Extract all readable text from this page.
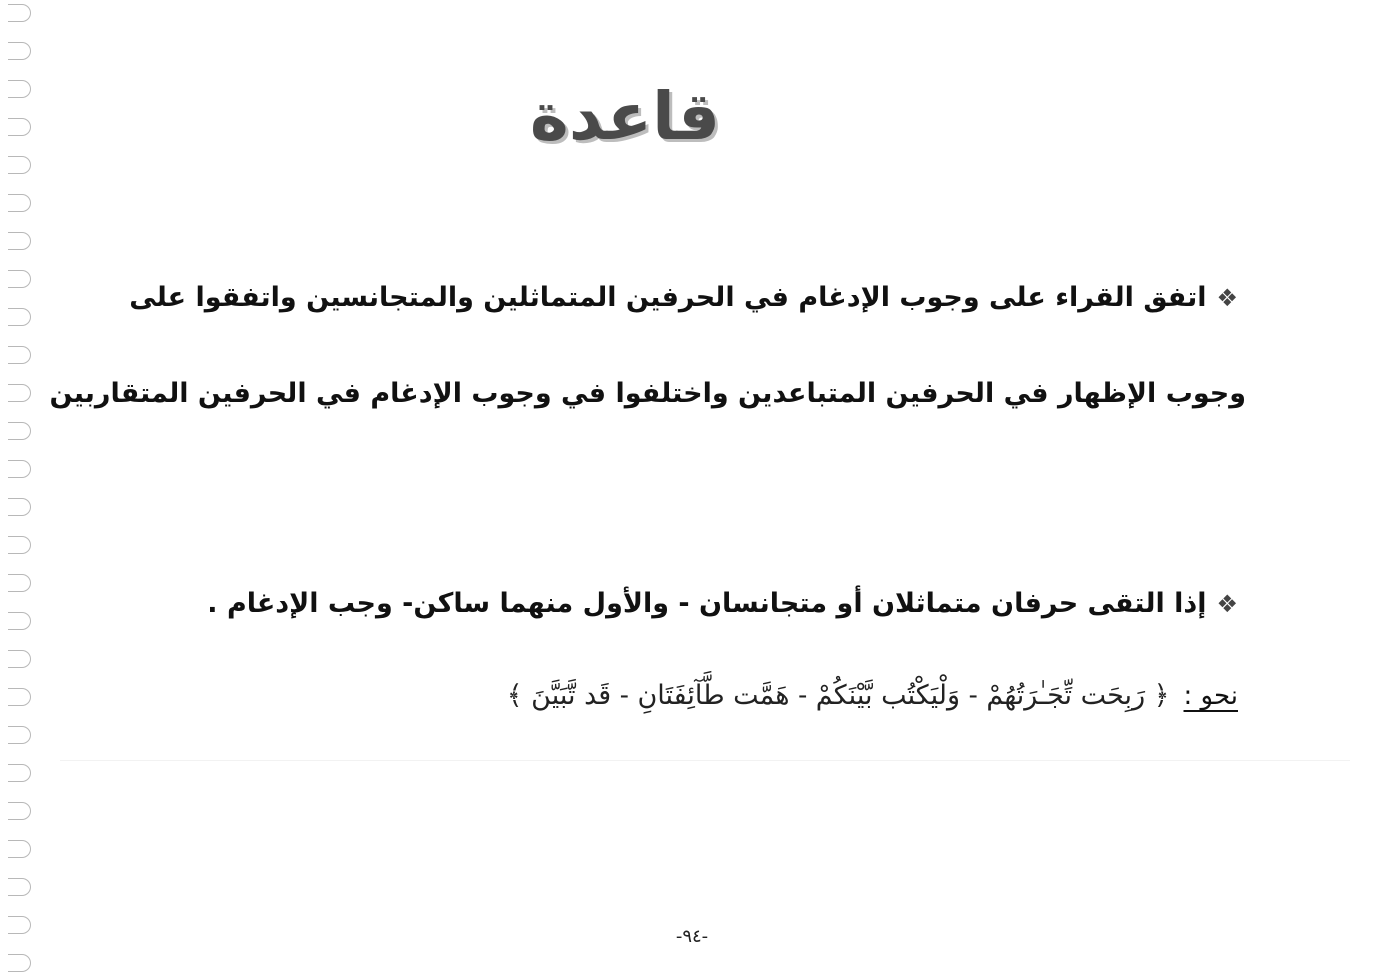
قاعدة
❖اتفق القراء على وجوب الإدغام في الحرفين المتماثلين والمتجانسين واتفقوا على
وجوب الإظهار في الحرفين المتباعدين واختلفوا في وجوب الإدغام في الحرفين المتقاربين
❖إذا التقى حرفان متماثلان أو متجانسان - والأول منهما ساكن- وجب الإدغام .
نحو :﴿ رَبِحَت تِّجَـٰرَتُهُمْ - وَلْيَكْتُب بَّيْنَكُمْ - هَمَّت طَّآئِفَتَانِ - قَد تَّبَيَّنَ ﴾
-٩٤-
